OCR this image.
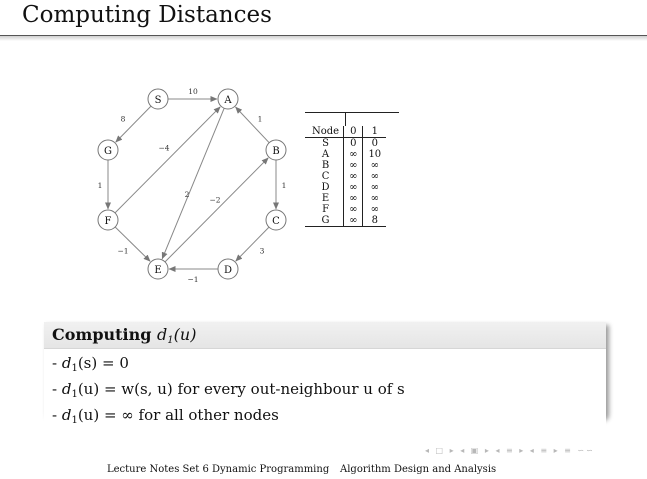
Computing Distances
10
8	1
1
3
−1
−2
2
−4
1
−1
S	A
B
C
D
E
F
G
Node	0	1
S	0	0
A	∞	10
B	∞	∞
C	∞	∞
D	∞	∞
E	∞	∞
F	∞	∞
G	∞	8
Computing $d_1(u)$
- $d_1(s) = 0$
- $d_1(u) = w(s$, u) for every out-neighbour u of s
- $d_1(u)$ = ∞ for all other nodes
◂ □ ▸ ◂ ▣ ▸ ◂ ≡ ▸ ◂ ≡ ▸ ≡ ∽∽
Lecture Notes Set 6 Dynamic Programming Algorithm Design and Analysis
